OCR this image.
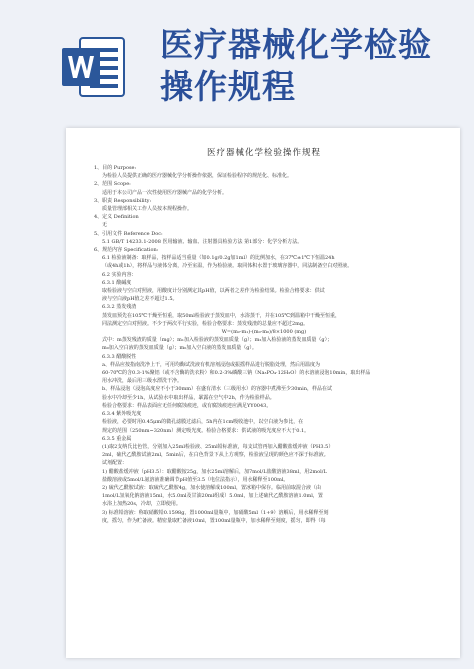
医疗器械化学检验
操作规程
医疗器械化学检验操作规程
1、目的 Purpose:
为检验人员提供正确的医疗器械化学分析操作依据，保证检验程序的规范化、标准化。
2、范围 Scope:
适用于本公司产品一次性使用医疗器械产品的化学分析。
3、职责 Responsibility:
质量管理部相关工作人员按本规程操作。
4、定义 Definition
无
5、引用文件 Reference Doc:
5.1 GB/T 14233.1-2008 医用输液、输血、注射器具检验方法 第1部分：化学分析方法。
6、规范内容 Specification:
6.1 检验液制备：取样品，按样品适当重量（如0.1g/0.2g加1ml）的比例加水，在37℃±1℃下恒温24h
（或4h或1h），将样品与液体分离，冷至室温，作为检验液。取同体积水置于玻璃容器中，同法制备空白对照液。
6.2 实验内容：
6.3.1 酸碱度
取检验液与空白对照液，用酸度计分别测定其pH值，以两者之差作为检验结果。检验合格要求：供试
液与空白液pH值之差不超过1.5。
6.3.2 蒸发残渣
蒸发皿预先在105℃干燥至恒重，取50ml检验液于蒸发皿中，水浴蒸干，并在105℃到温箱中干燥至恒重，
同法测定空白对照液。不少于两次平行实验，检验合格要求：蒸发残渣的总量应不超过2mg。
W=(m₂-m₁)-(m₀-m₀)/8×1000 (mg)
式中：m蒸发残渣的质量（mg）；m₁加入检验液的蒸发皿质量（g）；m₂加入检验液的蒸发皿质量（g）；
m₀加入空白液的蒸发皿质量（g）；m₀加入空白液的蒸发皿质量（g）。
6.3.3 醋酸脱性
a、样品应按指南洗净上干，可用均酶试洗液有机溶剂浸泡或振摇样品进行脱脂处理，然后用温度为
60-70℃的含0.3-1%聚铝（或不含酶的洗衣粉）和0.2-3%磷酸三钠（Na₃PO₄·12H₂O）的水溶液浸泡10min，取出样品
用水冲洗，最后用三级水漂洗干净。
b、样品浸泡（浸泡高度应不小于30mm）在盛有清水（三级用水）的容器中煮沸至少30min，样品在试
验水中冷却至少1h，从试验水中取出样品，暴露在空气中2h，作为检验样品。
检验合格要求：样品表面应无任何腐蚀痕迹，或有腐蚀痕迹应满足YY0043。
6.3.4 紫外吸光度
检验液，必要时用0.45μm的微孔滤膜过滤后，5h内在1cm吸收池中，以空白液为参比，在
规定的范围（250nm~320nm）测定吸光度。检验合格要求：供试液的吸光度应不大于0.1。
6.3.5 重金属
(1)取2支纳氏比色管，分别加入25ml检验液、25ml铅标准液，每支试管再加入醋酸盐缓冲液（PH3.5）
2ml，硫代乙酰胺试液2ml，5min后，在白色背景下从上方观察，检验液呈现的颜色应不深于标准液。
试剂配置：
1) 醋酸盐缓冲液（pH3.5）：取醋酸铵25g，加水25ml溶解后，加7mol/L盐酸溶液38ml，用2mol/L
盐酸溶液或5mol/L氨溶液准确调节pH值至3.5（电位法指示），用水稀释至100ml。
2) 硫代乙酰胺试液：取硫代乙酰胺4g，加水使溶解成100ml，置冰箱中保存。临用前取混合液（由
1mol/L氢氧化钠溶液15ml，水5.0ml及甘油20ml组成）5.0ml，加上述硫代乙酰胺溶液1.0ml，置
水浴上加热20s，冷却，立即使用。
3) 标准铅溶液：称取硝酸铅0.1598g，置1000ml量瓶中，加硝酸5ml（1+9）溶解后，用水稀释至刻
度，摇匀，作为贮备液。精密量取贮备液10ml，置100ml量瓶中，加水稀释至刻度，摇匀，即得（每
